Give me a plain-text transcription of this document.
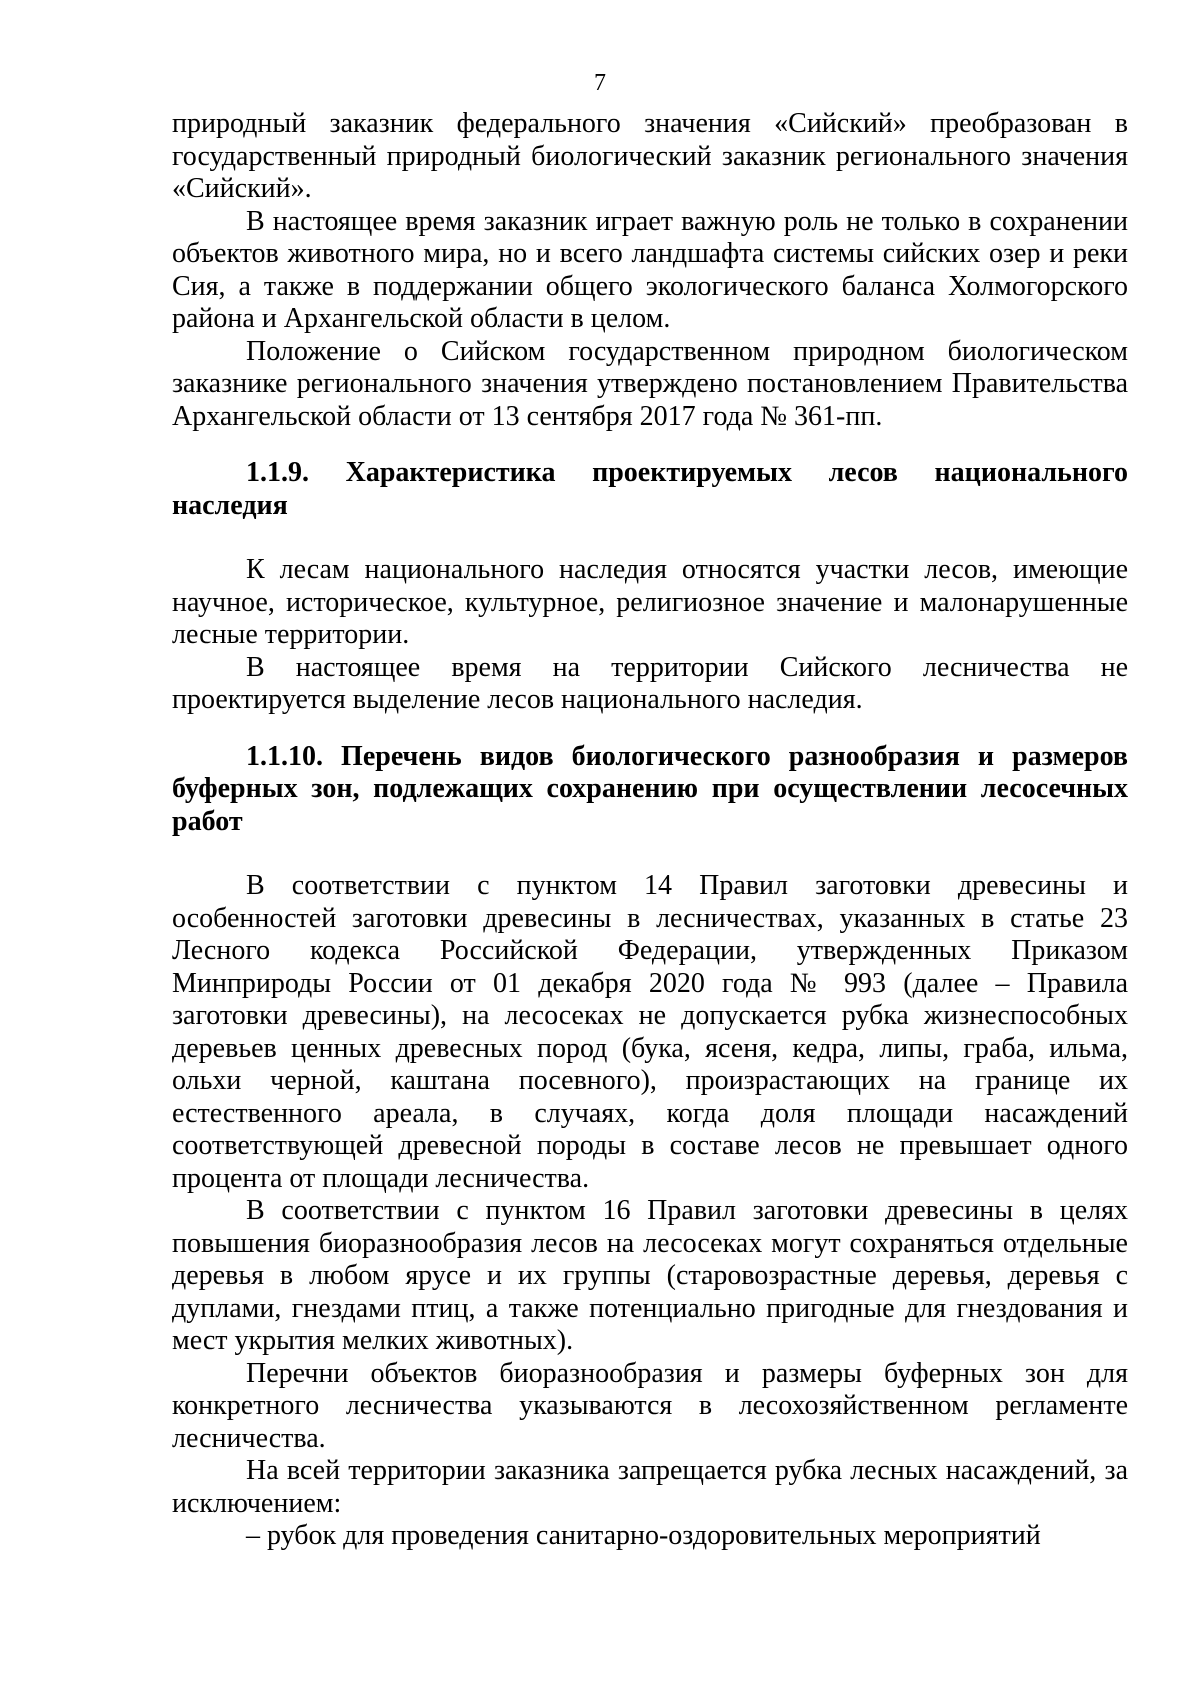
7

природный заказник федерального значения «Сийский» преобразован в государственный природный биологический заказник регионального значения «Сийский».

В настоящее время заказник играет важную роль не только в сохранении объектов животного мира, но и всего ландшафта системы сийских озер и реки Сия, а также в поддержании общего экологического баланса Холмогорского района и Архангельской области в целом.

Положение о Сийском государственном природном биологическом заказнике регионального значения утверждено постановлением Правительства Архангельской области от 13 сентября 2017 года № 361-пп.

1.1.9. Характеристика проектируемых лесов национального наследия

К лесам национального наследия относятся участки лесов, имеющие научное, историческое, культурное, религиозное значение и малонарушенные лесные территории.

В настоящее время на территории Сийского лесничества не проектируется выделение лесов национального наследия.

1.1.10. Перечень видов биологического разнообразия и размеров буферных зон, подлежащих сохранению при осуществлении лесосечных работ

В соответствии с пунктом 14 Правил заготовки древесины и особенностей заготовки древесины в лесничествах, указанных в статье 23 Лесного кодекса Российской Федерации, утвержденных Приказом Минприроды России от 01 декабря 2020 года № 993 (далее – Правила заготовки древесины), на лесосеках не допускается рубка жизнеспособных деревьев ценных древесных пород (бука, ясеня, кедра, липы, граба, ильма, ольхи черной, каштана посевного), произрастающих на границе их естественного ареала, в случаях, когда доля площади насаждений соответствующей древесной породы в составе лесов не превышает одного процента от площади лесничества.

В соответствии с пунктом 16 Правил заготовки древесины в целях повышения биоразнообразия лесов на лесосеках могут сохраняться отдельные деревья в любом ярусе и их группы (старовозрастные деревья, деревья с дуплами, гнездами птиц, а также потенциально пригодные для гнездования и мест укрытия мелких животных).

Перечни объектов биоразнообразия и размеры буферных зон для конкретного лесничества указываются в лесохозяйственном регламенте лесничества.

На всей территории заказника запрещается рубка лесных насаждений, за исключением:

– рубок для проведения санитарно-оздоровительных мероприятий
